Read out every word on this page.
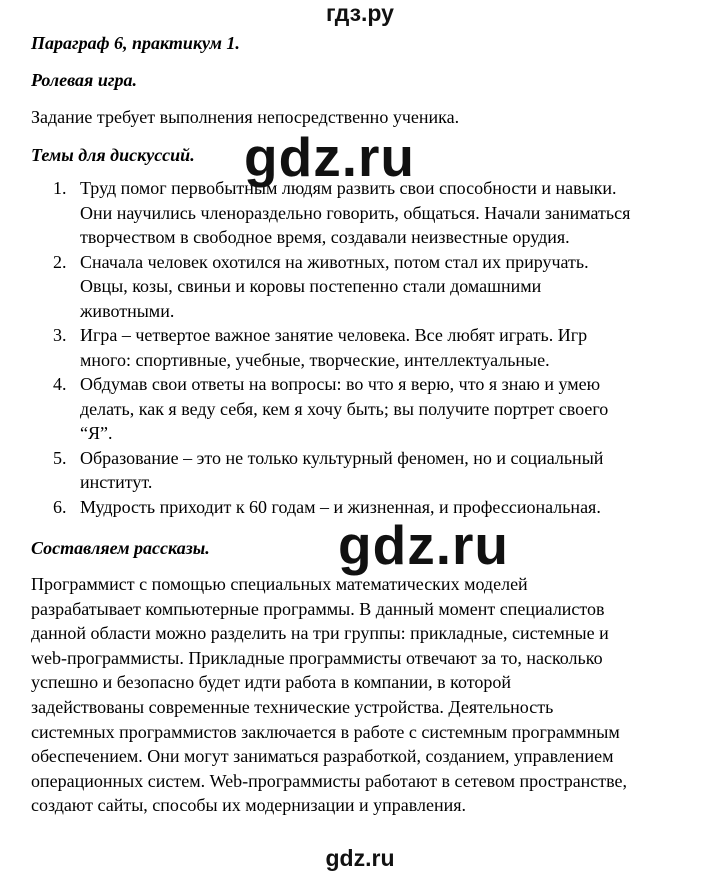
гдз.ру
Параграф 6, практикум 1.
Ролевая игра.
Задание требует выполнения непосредственно ученика.
Темы для дискуссий.
1. Труд помог первобытным людям развить свои способности и навыки.
Они научились членораздельно говорить, общаться. Начали заниматься
творчеством в свободное время, создавали неизвестные орудия.
2. Сначала человек охотился на животных, потом стал их приручать.
Овцы, козы, свиньи и коровы постепенно стали домашними
животными.
3. Игра – четвертое важное занятие человека. Все любят играть. Игр
много: спортивные, учебные, творческие, интеллектуальные.
4. Обдумав свои ответы на вопросы: во что я верю, что я знаю и умею
делать, как я веду себя, кем я хочу быть; вы получите портрет своего
“Я”.
5. Образование – это не только культурный феномен, но и социальный
институт.
6. Мудрость приходит к 60 годам – и жизненная, и профессиональная.
Составляем рассказы.
Программист с помощью специальных математических моделей
разрабатывает компьютерные программы. В данный момент специалистов
данной области можно разделить на три группы: прикладные, системные и
web-программисты. Прикладные программисты отвечают за то, насколько
успешно и безопасно будет идти работа в компании, в которой
задействованы современные технические устройства. Деятельность
системных программистов заключается в работе с системным программным
обеспечением. Они могут заниматься разработкой, созданием, управлением
операционных систем. Web-программисты работают в сетевом пространстве,
создают сайты, способы их модернизации и управления.
gdz.ru
gdz.ru
gdz.ru
